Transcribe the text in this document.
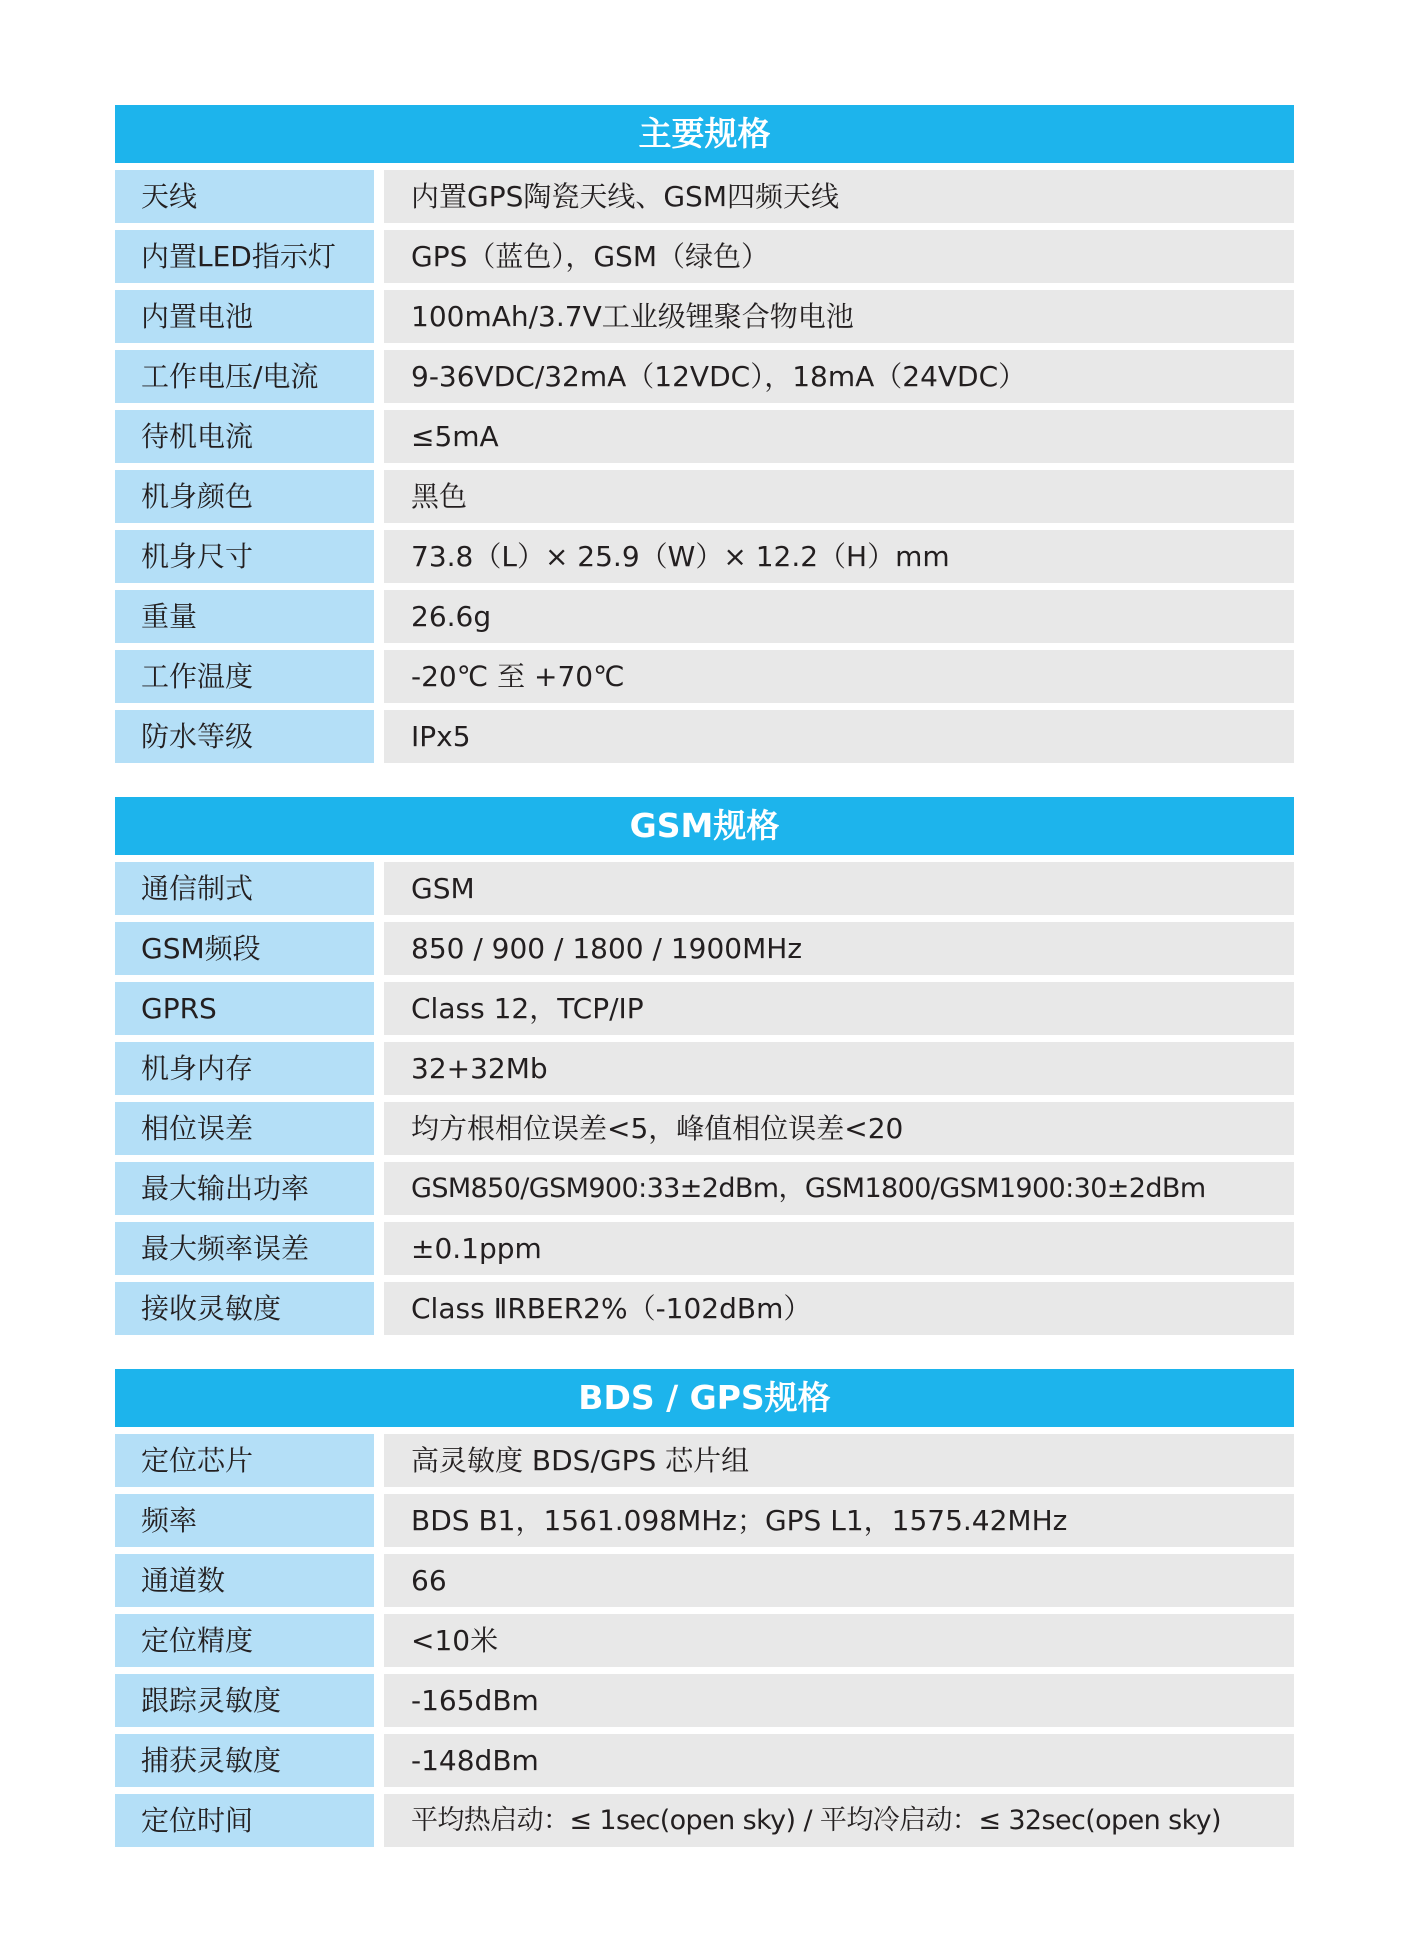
主要规格
天线	内置GPS陶瓷天线、GSM四频天线
内置LED指示灯	GPS（蓝色），GSM（绿色）
内置电池	100mAh/3.7V工业级锂聚合物电池
工作电压/电流	9-36VDC/32mA（12VDC），18mA（24VDC）
待机电流	≤5mA
机身颜色	黑色
机身尺寸	73.8（L）× 25.9（W）× 12.2（H）mm
重量	26.6g
工作温度	-20℃ 至 +70℃
防水等级	IPx5
GSM规格
通信制式	GSM
GSM频段	850 / 900 / 1800 / 1900MHz
GPRS	Class 12，TCP/IP
机身内存	32+32Mb
相位误差	均方根相位误差<5，峰值相位误差<20
最大输出功率	GSM850/GSM900:33±2dBm，GSM1800/GSM1900:30±2dBm
最大频率误差	±0.1ppm
接收灵敏度	Class ⅡRBER2%（-102dBm）
BDS / GPS规格
定位芯片	高灵敏度 BDS/GPS 芯片组
频率	BDS B1，1561.098MHz；GPS L1，1575.42MHz
通道数	66
定位精度	<10米
跟踪灵敏度	-165dBm
捕获灵敏度	-148dBm
定位时间	平均热启动：≤ 1sec(open sky) / 平均冷启动：≤ 32sec(open sky)
